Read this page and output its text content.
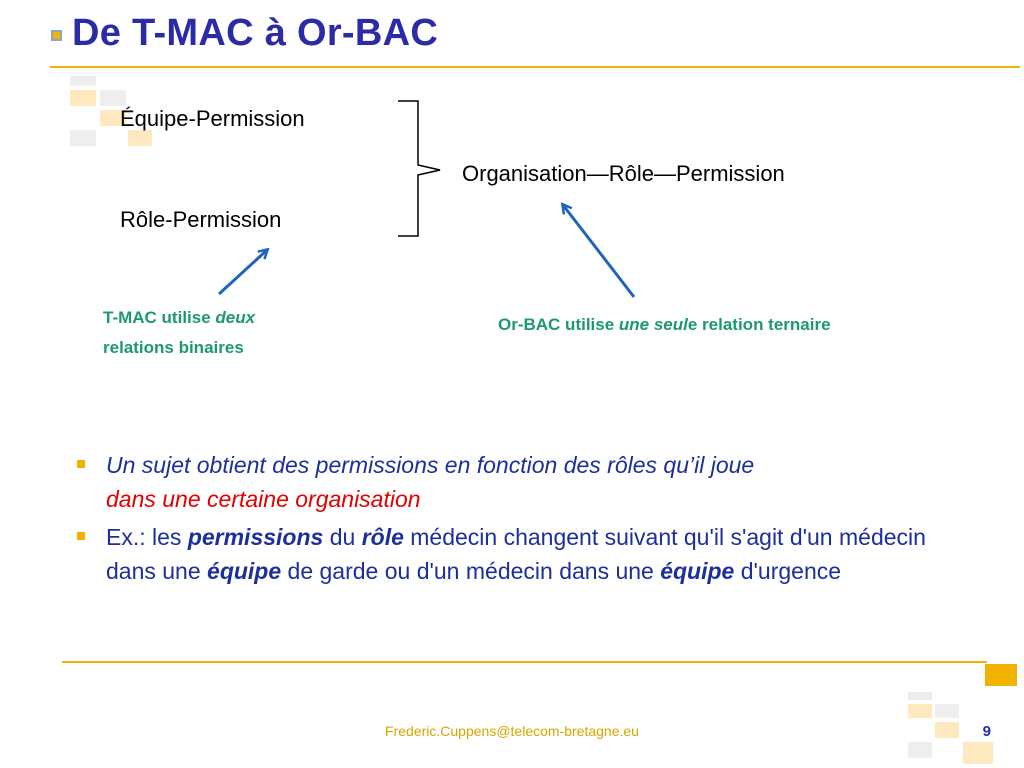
De T-MAC à Or-BAC
Équipe-Permission
Rôle-Permission
Organisation—Rôle—Permission
T-MAC utilise deux
relations binaires
Or-BAC utilise une seule relation ternaire
Un sujet obtient des permissions en fonction des rôles qu’il joue
dans une certaine organisation
Ex.: les permissions du rôle médecin changent suivant qu'il s'agit d'un médecin dans une équipe de garde ou d'un médecin dans une équipe d'urgence
Frederic.Cuppens@telecom-bretagne.eu	9
